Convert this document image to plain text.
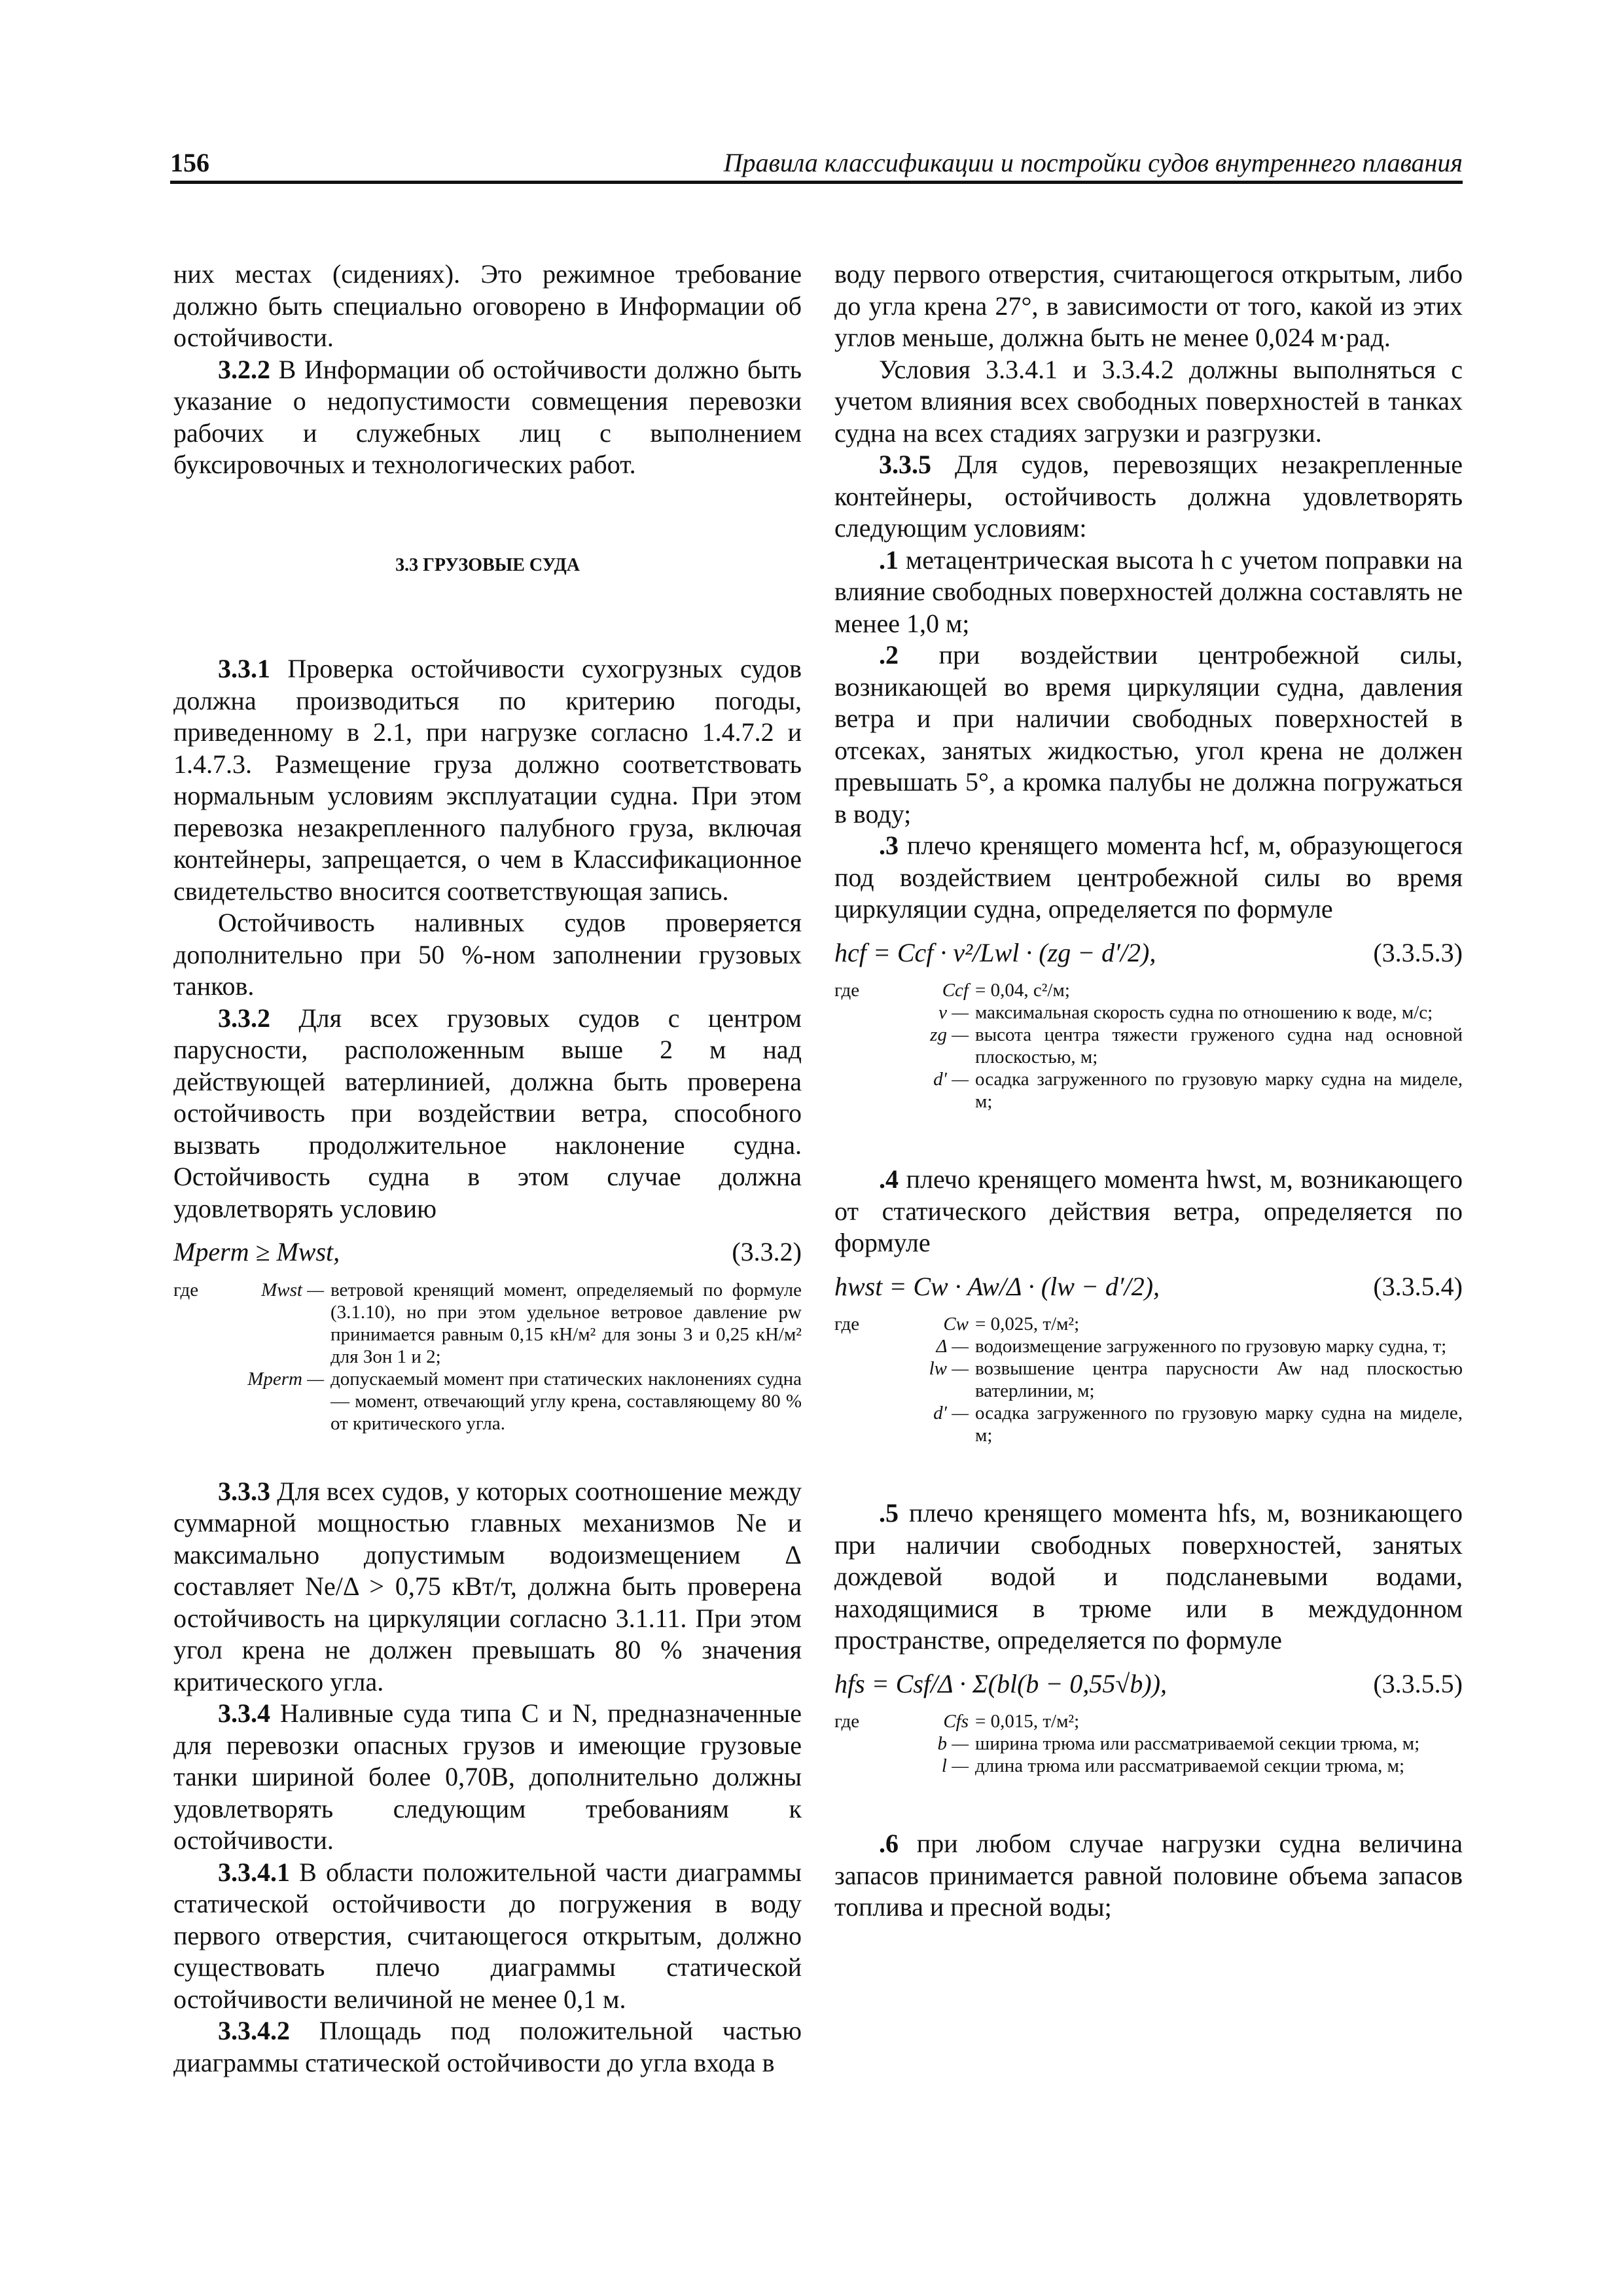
156	Правила классификации и постройки судов внутреннего плавания

них местах (сидениях). Это режимное требование должно быть специально оговорено в Информации об остойчивости.

3.2.2 В Информации об остойчивости должно быть указание о недопустимости совмещения перевозки рабочих и служебных лиц с выполнением буксировочных и технологических работ.

3.3 ГРУЗОВЫЕ СУДА

3.3.1 Проверка остойчивости сухогрузных судов должна производиться по критерию погоды, приведенному в 2.1, при нагрузке согласно 1.4.7.2 и 1.4.7.3. Размещение груза должно соответствовать нормальным условиям эксплуатации судна. При этом перевозка незакрепленного палубного груза, включая контейнеры, запрещается, о чем в Классификационное свидетельство вносится соответствующая запись.

Остойчивость наливных судов проверяется дополнительно при 50 %-ном заполнении грузовых танков.

3.3.2 Для всех грузовых судов с центром парусности, расположенным выше 2 м над действующей ватерлинией, должна быть проверена остойчивость при воздействии ветра, способного вызвать продолжительное наклонение судна. Остойчивость судна в этом случае должна удовлетворять условию

Mperm ≥ Mwst,	(3.3.2)
где	Mwst — ветровой кренящий момент, определяемый по формуле (3.1.10), но при этом удельное ветровое давление pw принимается равным 0,15 кН/м² для зоны 3 и 0,25 кН/м² для Зон 1 и 2;
Mperm — допускаемый момент при статических наклонениях судна — момент, отвечающий углу крена, составляющему 80 % от критического угла.

3.3.3 Для всех судов, у которых соотношение между суммарной мощностью главных механизмов Ne и максимально допустимым водоизмещением Δ составляет Ne/Δ > 0,75 кВт/т, должна быть проверена остойчивость на циркуляции согласно 3.1.11. При этом угол крена не должен превышать 80 % значения критического угла.

3.3.4 Наливные суда типа C и N, предназначенные для перевозки опасных грузов и имеющие грузовые танки шириной более 0,70B, дополнительно должны удовлетворять следующим требованиям к остойчивости.

3.3.4.1 В области положительной части диаграммы статической остойчивости до погружения в воду первого отверстия, считающегося открытым, должно существовать плечо диаграммы статической остойчивости величиной не менее 0,1 м.

3.3.4.2 Площадь под положительной частью диаграммы статической остойчивости до угла входа в

воду первого отверстия, считающегося открытым, либо до угла крена 27°, в зависимости от того, какой из этих углов меньше, должна быть не менее 0,024 м·рад.

Условия 3.3.4.1 и 3.3.4.2 должны выполняться с учетом влияния всех свободных поверхностей в танках судна на всех стадиях загрузки и разгрузки.

3.3.5 Для судов, перевозящих незакрепленные контейнеры, остойчивость должна удовлетворять следующим условиям:

.1 метацентрическая высота h с учетом поправки на влияние свободных поверхностей должна составлять не менее 1,0 м;

.2 при воздействии центробежной силы, возникающей во время циркуляции судна, давления ветра и при наличии свободных поверхностей в отсеках, занятых жидкостью, угол крена не должен превышать 5°, а кромка палубы не должна погружаться в воду;

.3 плечо кренящего момента hcf, м, образующегося под воздействием центробежной силы во время циркуляции судна, определяется по формуле

hcf = Ccf · v²/Lwl · (zg − d′/2),	(3.3.5.3)
где	Ccf = 0,04, с²/м;
v — максимальная скорость судна по отношению к воде, м/с;
zg — высота центра тяжести груженого судна над основной плоскостью, м;
d′ — осадка загруженного по грузовую марку судна на миделе, м;

.4 плечо кренящего момента hwst, м, возникающего от статического действия ветра, определяется по формуле

hwst = Cw · Aw/Δ · (lw − d′/2),	(3.3.5.4)
где	Cw = 0,025, т/м²;
Δ — водоизмещение загруженного по грузовую марку судна, т;
lw — возвышение центра парусности Aw над плоскостью ватерлинии, м;
d′ — осадка загруженного по грузовую марку судна на миделе, м;

.5 плечо кренящего момента hfs, м, возникающего при наличии свободных поверхностей, занятых дождевой водой и подсланевыми водами, находящимися в трюме или в междудонном пространстве, определяется по формуле

hfs = Csf/Δ · Σ(bl(b − 0,55√b)),	(3.3.5.5)
где	Cfs = 0,015, т/м²;
b — ширина трюма или рассматриваемой секции трюма, м;
l — длина трюма или рассматриваемой секции трюма, м;

.6 при любом случае нагрузки судна величина запасов принимается равной половине объема запасов топлива и пресной воды;
